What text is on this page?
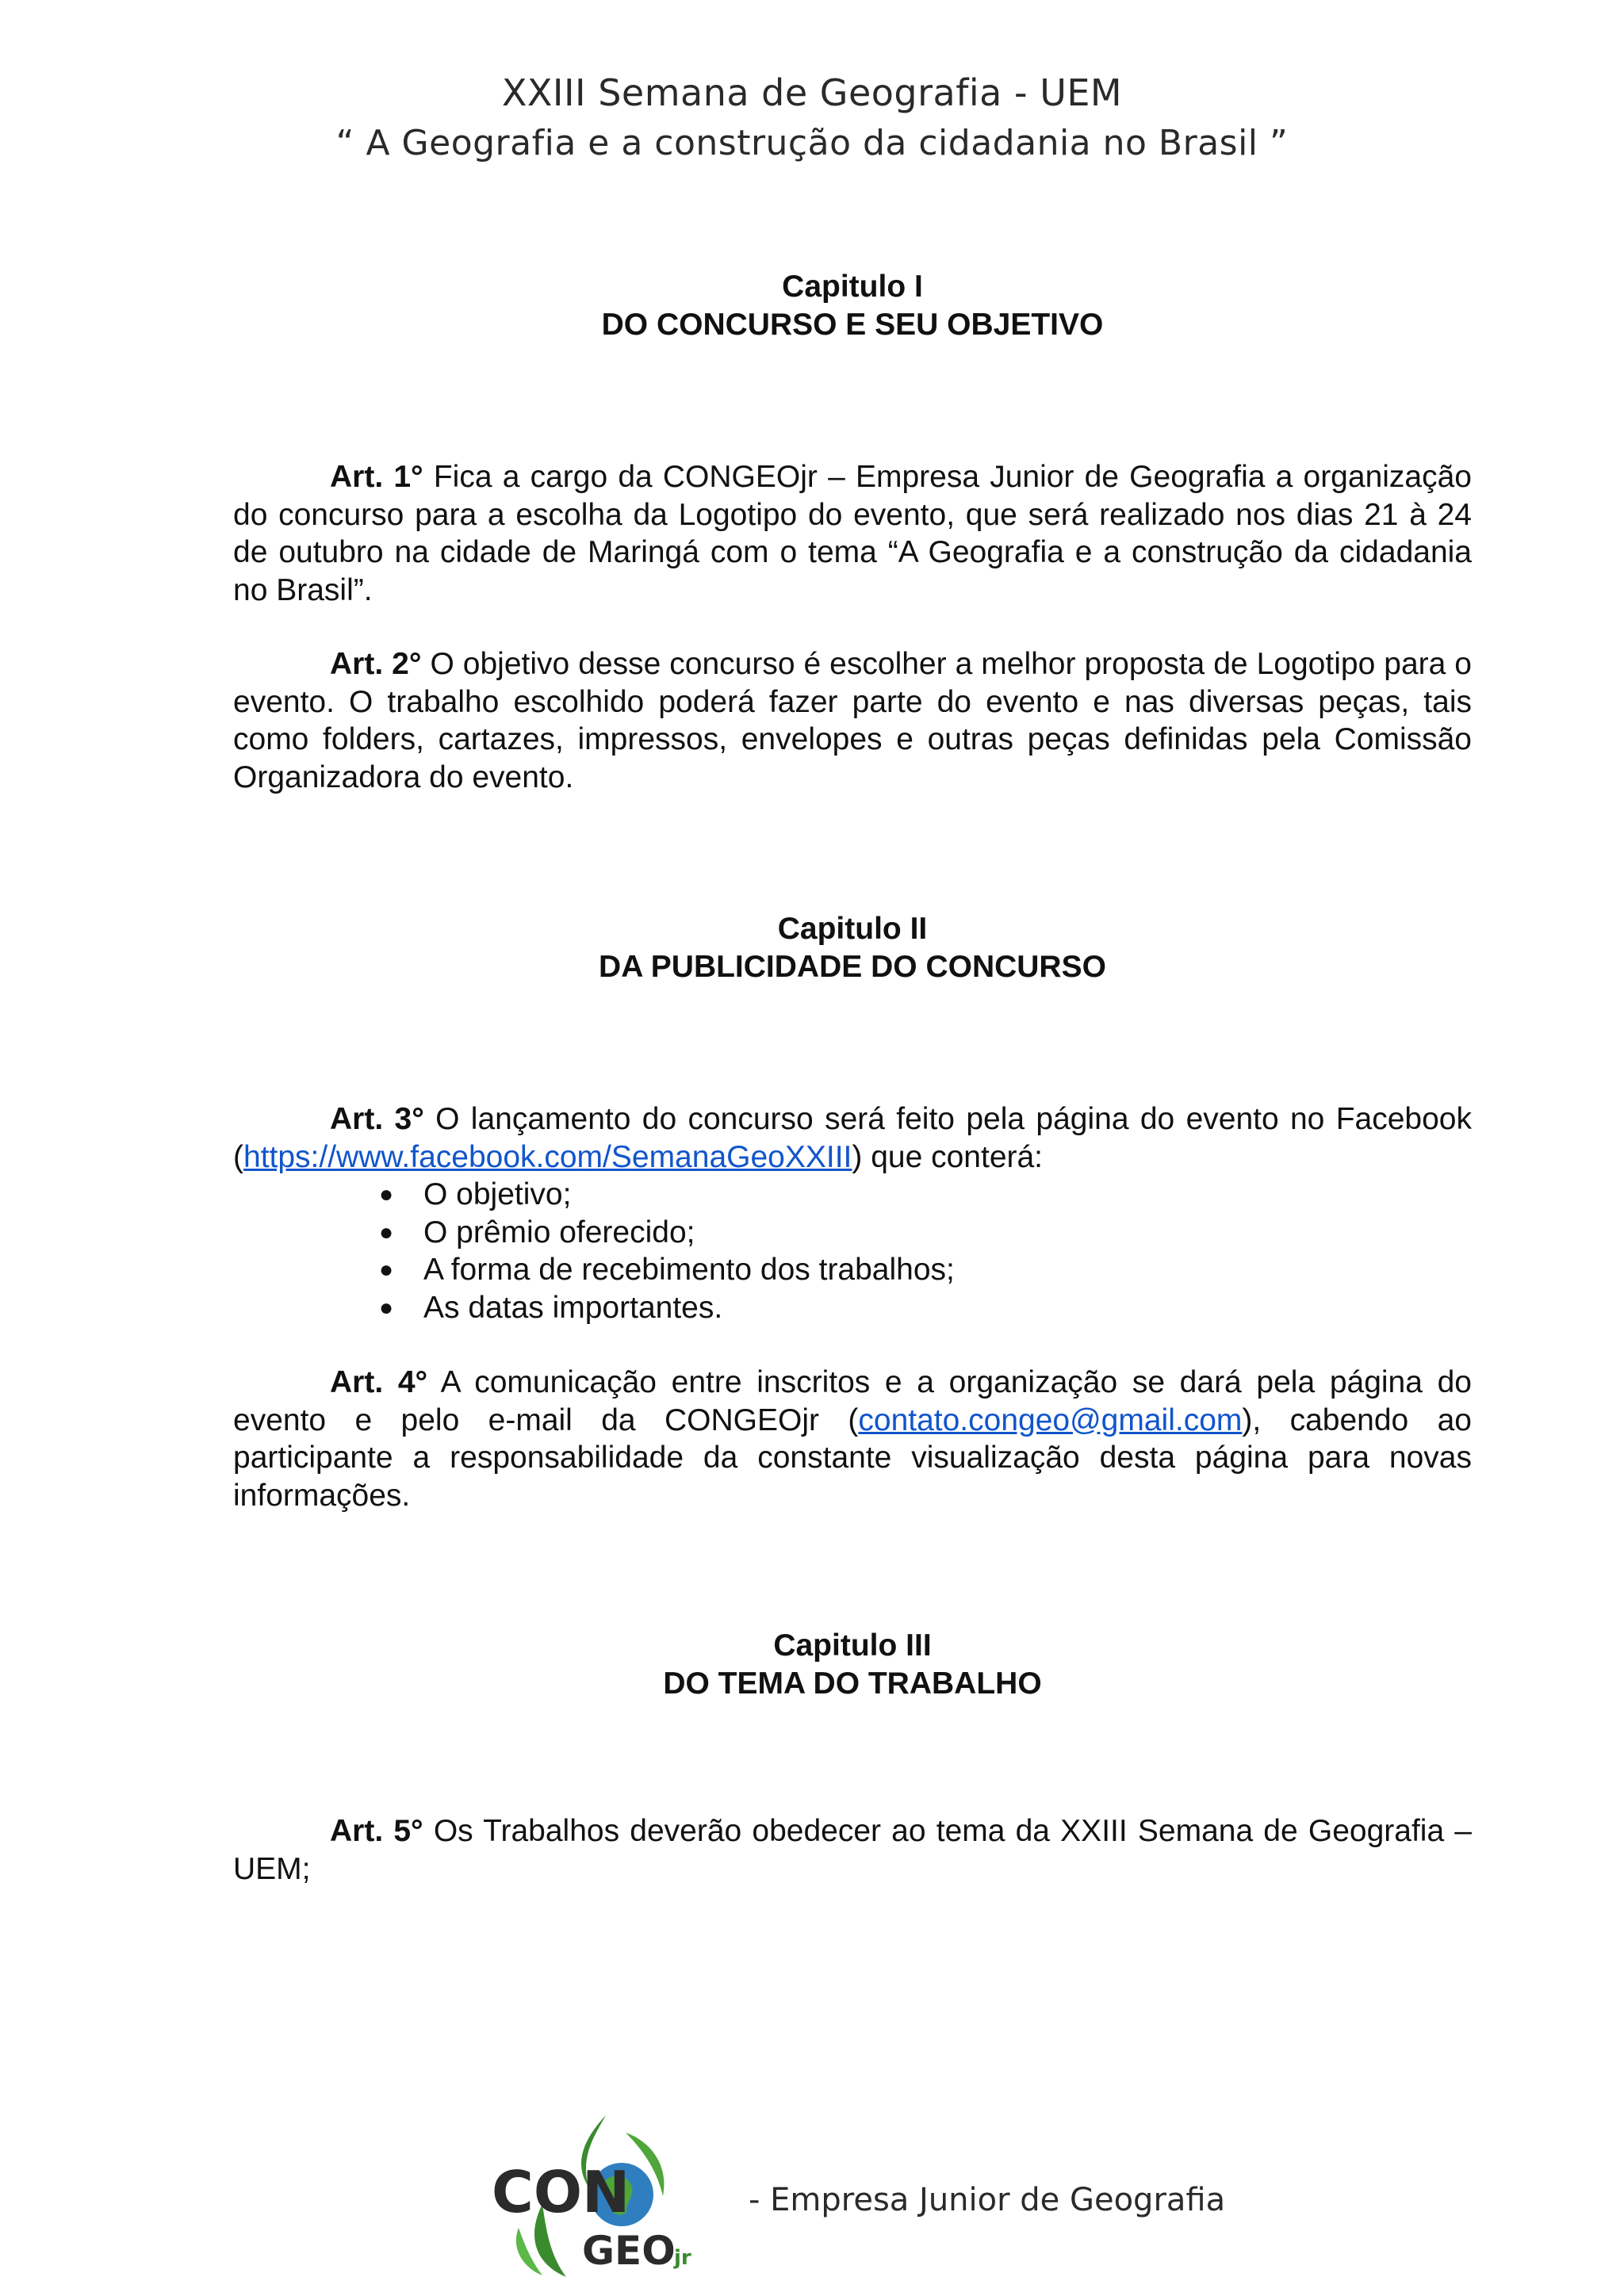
XXIII Semana de Geografia - UEM
“ A Geografia e a construção da cidadania no Brasil ”
Capitulo I
DO CONCURSO E SEU OBJETIVO

Art. 1° Fica a cargo da CONGEOjr – Empresa Junior de Geografia a organização do concurso para a escolha da Logotipo do evento, que será realizado nos dias 21 à 24 de outubro na cidade de Maringá com o tema “A Geografia e a construção da cidadania no Brasil”.

Art. 2° O objetivo desse concurso é escolher a melhor proposta de Logotipo para o evento. O trabalho escolhido poderá fazer parte do evento e nas diversas peças, tais como folders, cartazes, impressos, envelopes e outras peças definidas pela Comissão Organizadora do evento.

Capitulo II
DA PUBLICIDADE DO CONCURSO

Art. 3° O lançamento do concurso será feito pela página do evento no Facebook (https://www.facebook.com/SemanaGeoXXIII) que conterá:

● O objetivo;
● O prêmio oferecido;
● A forma de recebimento dos trabalhos;
● As datas importantes.

Art. 4° A comunicação entre inscritos e a organização se dará pela página do evento e pelo e-mail da CONGEOjr (contato.congeo@gmail.com), cabendo ao participante a responsabilidade da constante visualização desta página para novas informações.

Capitulo III
DO TEMA DO TRABALHO

Art. 5° Os Trabalhos deverão obedecer ao tema da XXIII Semana de Geografia – UEM;

CON
GEO
jr
- Empresa Junior de Geografia
